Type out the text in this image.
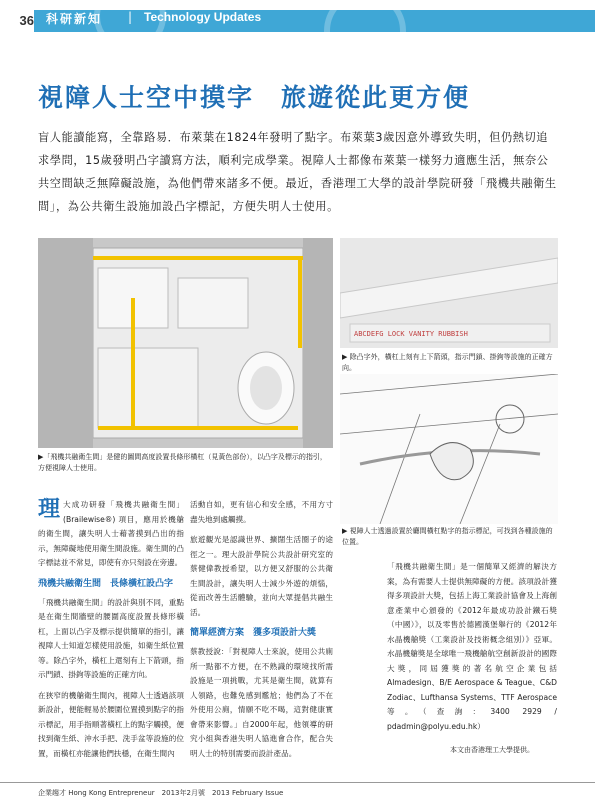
36	科研新知 | Technology Updates
視障人士空中摸字　旅遊從此更方便
盲人能讀能寫，全靠路易．布萊葉在1824年發明了點字。布萊葉3歲因意外導致失明，但仍熱切追求學問，15歲發明凸字讀寫方法，順利完成學業。視障人士都像布萊葉一樣努力適應生活，無奈公共空間缺乏無障礙設施，為他們帶來諸多不便。最近，香港理工大學的設計學院研發「飛機共融衛生間」，為公共衛生設施加設凸字標記，方便失明人士使用。
▶「飛機共融衛生間」是健的圖間高度設置長條形橫杠（見黃色部份），以凸字及標示的指引，方便視障人士使用。
ABCDEFG LOCK VANITY RUBBISH
▶ 除凸字外，橫杠上刻有上下箭頭，指示門鎖、掛鉤等設施的正確方向。
▶ 視障人士透過設置於廳間橫杠點字的指示標記，可找到各種設施的位置。

理大成功研發「飛機共融衛生間」(Brailewise®) 項目，應用於機艙的衛生間，讓失明人士藉著摸到凸出的指示，無障礙地使用衛生間設施。衛生間的凸字標誌並不常見，即使有亦只刻設在旁邊。

飛機共融衛生間　長條橫杠設凸字

「飛機共融衛生間」的設計與別不同，重點是在衛生間牆壁的腰圍高度設置長條形橫杠，上面以凸字及標示提供簡單的指引，讓視障人士知道怎樣使用設施，如衛生紙位置等。除凸字外，橫杠上還刻有上下箭頭，指示門鎖、掛鉤等設施的正確方向。

在狹窄的機艙衛生間內，視障人士透過該項新設計，便能輕易於腰圍位置摸到點字的指示標記，用手指順著橫杠上的點字觸摸，便找到衛生紙、沖水手把、洗手盆等設施的位置，而橫杠亦能讓他們扶穩，在衛生間內

活動自如，更有信心和安全感，不用方寸盡失地到處觸摸。

旅遊觀光是認識世界、擴闊生活圈子的途徑之一。理大設計學院公共設計研究室的蔡健偉教授希望，以方便又舒服的公共衛生間設計，讓失明人士減少外遊的煩惱，從而改善生活體驗，並向大眾提倡共融生活。

簡單經濟方案　獲多項設計大獎

蔡教授說：「對視障人士來說，使用公共廁所一點都不方便，在不熟識的環境找所需設施是一項挑戰，尤其是衛生間，就算有人領路，也難免感到尷尬；他們為了不在外使用公廁，情願不吃不喝，這對健康實會帶來影響。」自2000年起，他領導的研究小組與香港失明人協進會合作，配合失明人士的特別需要而設計產品。

「飛機共融衛生間」是一個簡單又經濟的解決方案，為有需要人士提供無障礙的方便。該項設計獲得多項設計大獎，包括上海工業設計協會及上海創意產業中心頒發的《2012年最成功設計鐵石獎（中國）》，以及零售於德國漢堡舉行的《2012年水晶機艙獎（工業設計及技術概念組別）》亞軍。水晶機艙獎是全球唯一飛機艙航空創新設計的國際大獎，同屆獲獎的著名航空企業包括Almadesign、B/E Aerospace & Teague、C&D Zodiac、Lufthansa Systems、TTF Aerospace等。（查詢：3400 2929 / pdadmin@polyu.edu.hk）

本文由香港理工大學提供。
企業趨才 Hong Kong Entrepreneur　2013年2月號　2013 February Issue
